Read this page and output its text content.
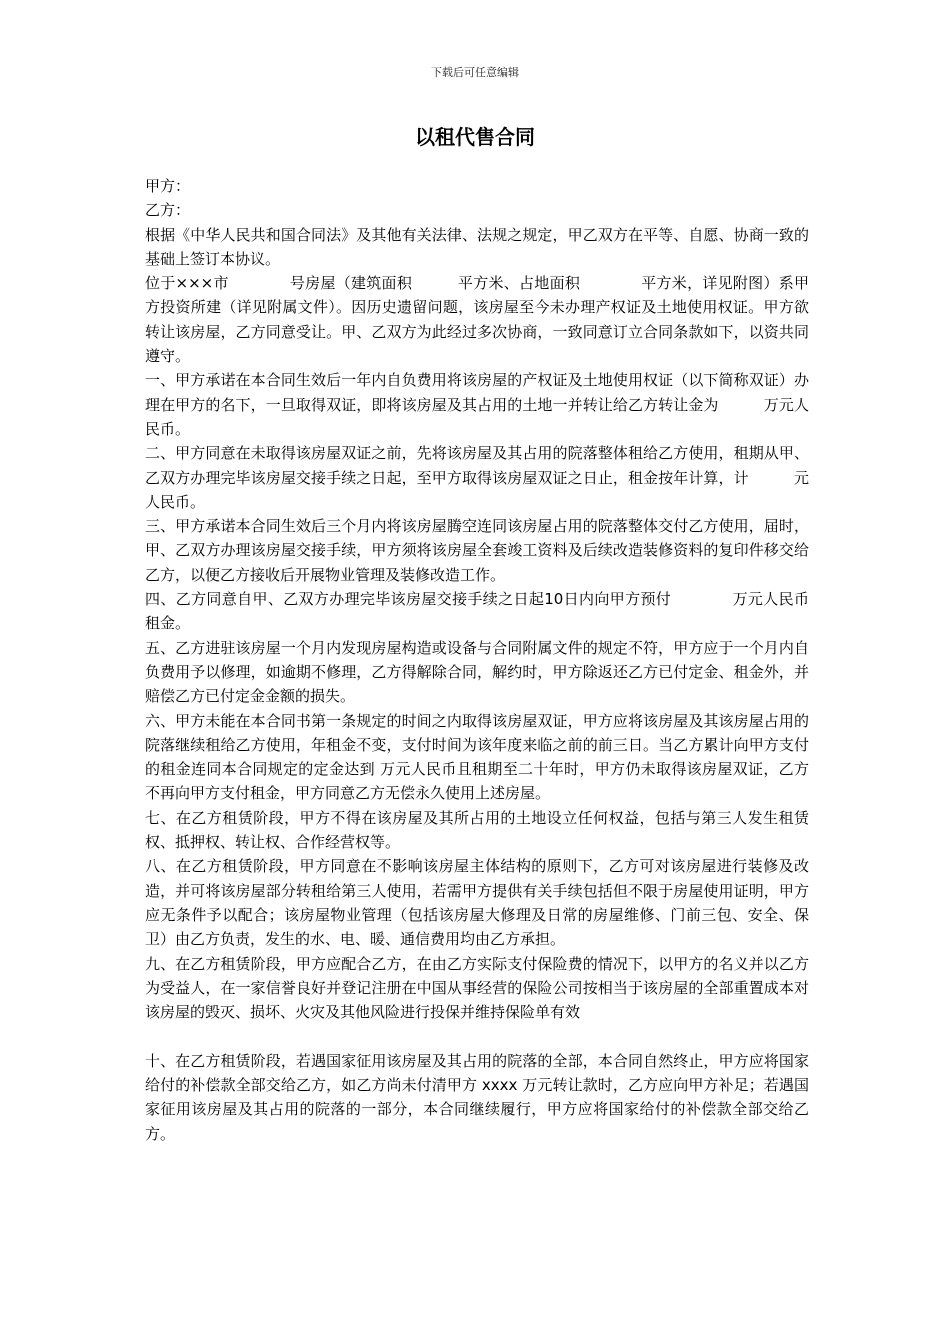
下载后可任意编辑
以租代售合同

甲方：

乙方：

根据《中华人民共和国合同法》及其他有关法律、法规之规定，甲乙双方在平等、自愿、协商一致的基础上签订本协议。

位于×××市　　　　号房屋（建筑面积　　　平方米、占地面积　　　　平方米，详见附图）系甲方投资所建（详见附属文件）。因历史遗留问题，该房屋至今未办理产权证及土地使用权证。甲方欲转让该房屋，乙方同意受让。甲、乙双方为此经过多次协商，一致同意订立合同条款如下，以资共同遵守。

一、甲方承诺在本合同生效后一年内自负费用将该房屋的产权证及土地使用权证（以下简称双证）办理在甲方的名下，一旦取得双证，即将该房屋及其占用的土地一并转让给乙方转让金为　　　万元人民币。

二、甲方同意在未取得该房屋双证之前，先将该房屋及其占用的院落整体租给乙方使用，租期从甲、乙双方办理完毕该房屋交接手续之日起，至甲方取得该房屋双证之日止，租金按年计算，计　　　元人民币。

三、甲方承诺本合同生效后三个月内将该房屋腾空连同该房屋占用的院落整体交付乙方使用，届时，甲、乙双方办理该房屋交接手续，甲方须将该房屋全套竣工资料及后续改造装修资料的复印件移交给乙方，以便乙方接收后开展物业管理及装修改造工作。

四、乙方同意自甲、乙双方办理完毕该房屋交接手续之日起10日内向甲方预付　　　　万元人民币租金。

五、乙方进驻该房屋一个月内发现房屋构造或设备与合同附属文件的规定不符，甲方应于一个月内自负费用予以修理，如逾期不修理，乙方得解除合同，解约时，甲方除返还乙方已付定金、租金外，并赔偿乙方已付定金金额的损失。

六、甲方未能在本合同书第一条规定的时间之内取得该房屋双证，甲方应将该房屋及其该房屋占用的院落继续租给乙方使用，年租金不变，支付时间为该年度来临之前的前三日。当乙方累计向甲方支付的租金连同本合同规定的定金达到 万元人民币且租期至二十年时，甲方仍未取得该房屋双证，乙方不再向甲方支付租金，甲方同意乙方无偿永久使用上述房屋。

七、在乙方租赁阶段，甲方不得在该房屋及其所占用的土地设立任何权益，包括与第三人发生租赁权、抵押权、转让权、合作经营权等。

八、在乙方租赁阶段，甲方同意在不影响该房屋主体结构的原则下，乙方可对该房屋进行装修及改造，并可将该房屋部分转租给第三人使用，若需甲方提供有关手续包括但不限于房屋使用证明，甲方应无条件予以配合；该房屋物业管理（包括该房屋大修理及日常的房屋维修、门前三包、安全、保卫）由乙方负责，发生的水、电、暖、通信费用均由乙方承担。

九、在乙方租赁阶段，甲方应配合乙方，在由乙方实际支付保险费的情况下，以甲方的名义并以乙方为受益人，在一家信誉良好并登记注册在中国从事经营的保险公司按相当于该房屋的全部重置成本对该房屋的毁灭、损坏、火灾及其他风险进行投保并维持保险单有效

十、在乙方租赁阶段，若遇国家征用该房屋及其占用的院落的全部，本合同自然终止，甲方应将国家给付的补偿款全部交给乙方，如乙方尚未付清甲方 xxxx 万元转让款时，乙方应向甲方补足；若遇国家征用该房屋及其占用的院落的一部分，本合同继续履行，甲方应将国家给付的补偿款全部交给乙方。
